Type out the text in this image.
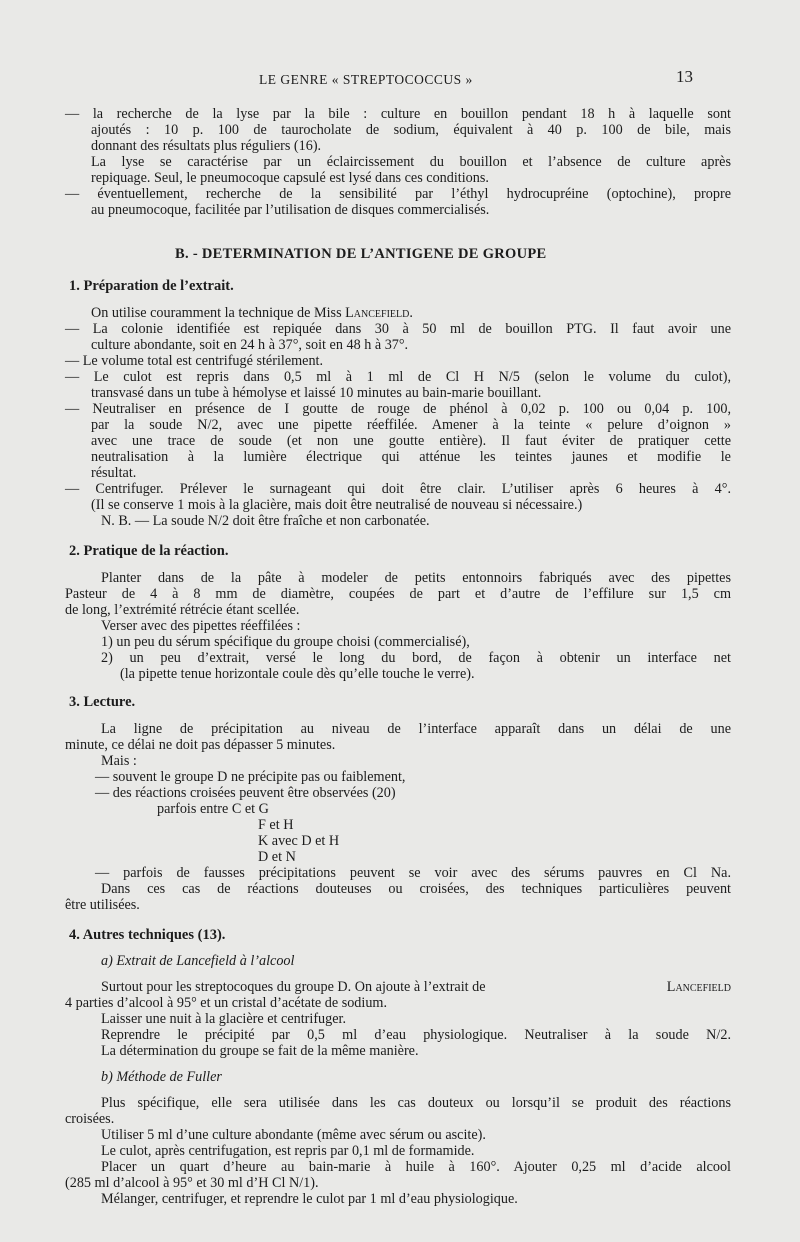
LE GENRE « STREPTOCOCCUS »	13
— la recherche de la lyse par la bile : culture en bouillon pendant 18 h à laquelle sont
ajoutés : 10 p. 100 de taurocholate de sodium, équivalent à 40 p. 100 de bile, mais
donnant des résultats plus réguliers (16).
La lyse se caractérise par un éclaircissement du bouillon et l’absence de culture après
repiquage. Seul, le pneumocoque capsulé est lysé dans ces conditions.
— éventuellement, recherche de la sensibilité par l’éthyl hydrocupréine (optochine), propre
au pneumocoque, facilitée par l’utilisation de disques commercialisés.
B. - DETERMINATION DE L’ANTIGENE DE GROUPE
1. Préparation de l’extrait.
On utilise couramment la technique de Miss Lancefield.
— La colonie identifiée est repiquée dans 30 à 50 ml de bouillon PTG. Il faut avoir une
culture abondante, soit en 24 h à 37°, soit en 48 h à 37°.
— Le volume total est centrifugé stérilement.
— Le culot est repris dans 0,5 ml à 1 ml de Cl H N/5 (selon le volume du culot),
transvasé dans un tube à hémolyse et laissé 10 minutes au bain-marie bouillant.
— Neutraliser en présence de I goutte de rouge de phénol à 0,02 p. 100 ou 0,04 p. 100,
par la soude N/2, avec une pipette réeffilée. Amener à la teinte « pelure d’oignon »
avec une trace de soude (et non une goutte entière). Il faut éviter de pratiquer cette
neutralisation à la lumière électrique qui atténue les teintes jaunes et modifie le
résultat.
— Centrifuger. Prélever le surnageant qui doit être clair. L’utiliser après 6 heures à 4°.
(Il se conserve 1 mois à la glacière, mais doit être neutralisé de nouveau si nécessaire.)
N. B. — La soude N/2 doit être fraîche et non carbonatée.
2. Pratique de la réaction.
Planter dans de la pâte à modeler de petits entonnoirs fabriqués avec des pipettes
Pasteur de 4 à 8 mm de diamètre, coupées de part et d’autre de l’effilure sur 1,5 cm
de long, l’extrémité rétrécie étant scellée.
Verser avec des pipettes réeffilées :
1) un peu du sérum spécifique du groupe choisi (commercialisé),
2) un peu d’extrait, versé le long du bord, de façon à obtenir un interface net
(la pipette tenue horizontale coule dès qu’elle touche le verre).
3. Lecture.
La ligne de précipitation au niveau de l’interface apparaît dans un délai de une
minute, ce délai ne doit pas dépasser 5 minutes.
Mais :
— souvent le groupe D ne précipite pas ou faiblement,
— des réactions croisées peuvent être observées (20)
parfois entre C et G
F et H
K avec D et H
D et N
— parfois de fausses précipitations peuvent se voir avec des sérums pauvres en Cl Na.
Dans ces cas de réactions douteuses ou croisées, des techniques particulières peuvent
être utilisées.
4. Autres techniques (13).
a) Extrait de Lancefield à l’alcool
Surtout pour les streptocoques du groupe D. On ajoute à l’extrait de	Lancefield
4 parties d’alcool à 95° et un cristal d’acétate de sodium.
Laisser une nuit à la glacière et centrifuger.
Reprendre le précipité par 0,5 ml d’eau physiologique. Neutraliser à la soude N/2.
La détermination du groupe se fait de la même manière.
b) Méthode de Fuller
Plus spécifique, elle sera utilisée dans les cas douteux ou lorsqu’il se produit des réactions
croisées.
Utiliser 5 ml d’une culture abondante (même avec sérum ou ascite).
Le culot, après centrifugation, est repris par 0,1 ml de formamide.
Placer un quart d’heure au bain-marie à huile à 160°. Ajouter 0,25 ml d’acide alcool
(285 ml d’alcool à 95° et 30 ml d’H Cl N/1).
Mélanger, centrifuger, et reprendre le culot par 1 ml d’eau physiologique.
